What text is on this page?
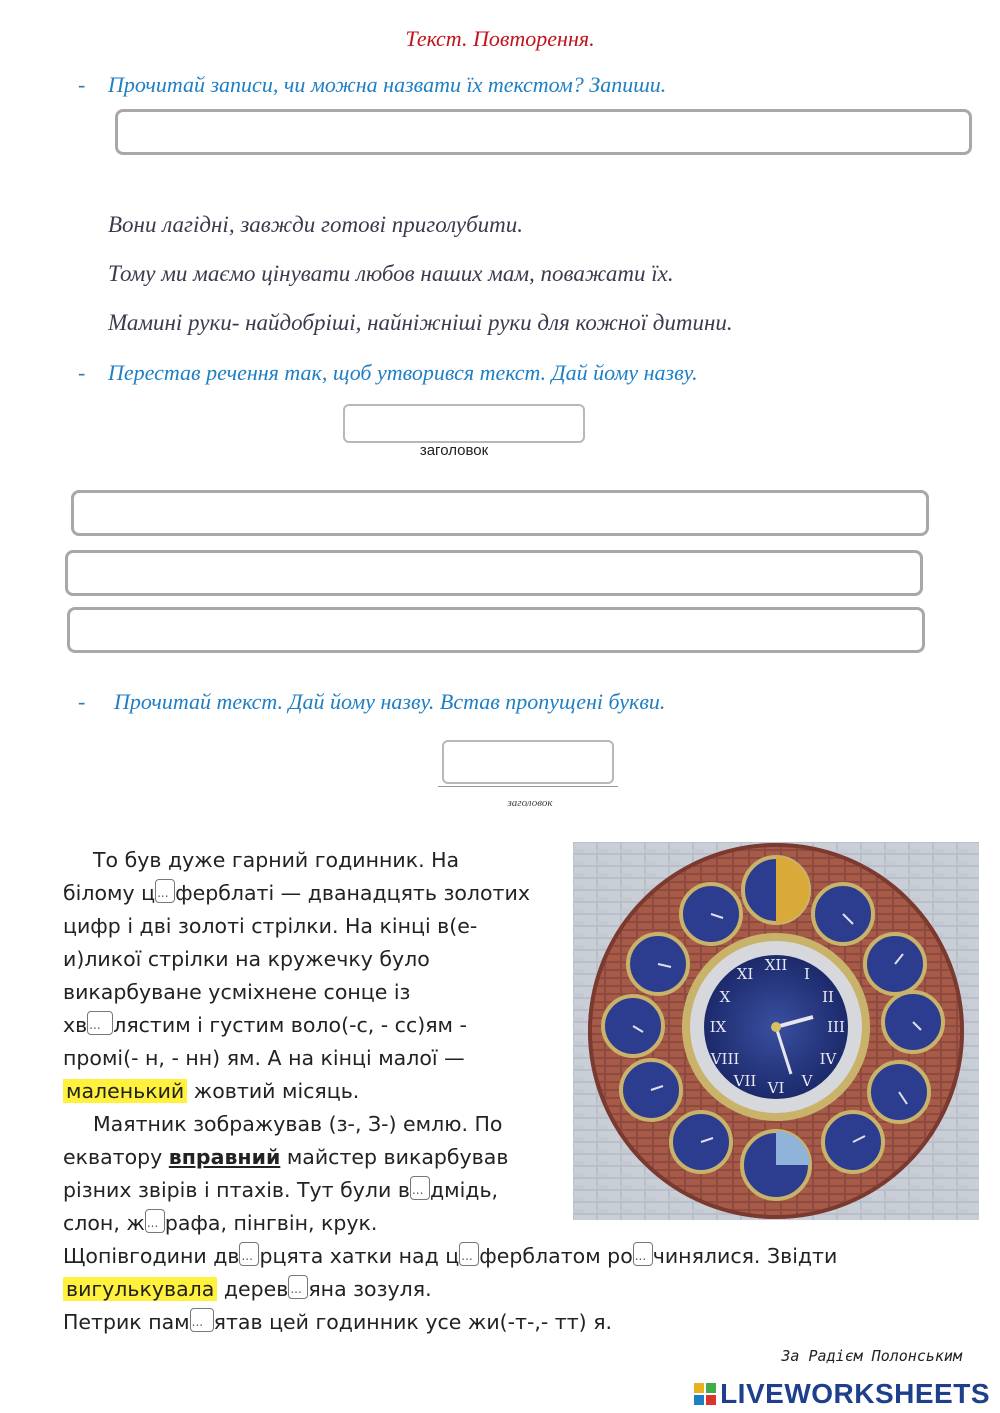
Текст. Повторення.
- Прочитай записи, чи можна назвати їх текстом? Запиши.
Вони лагідні, завжди готові приголубити.
Тому ми маємо цінувати любов наших мам, поважати їх.
Мамині руки- найдобріші, найніжніші руки для кожної дитини.
- Перестав речення так, щоб утворився текст. Дай йому назву.
заголовок
- Прочитай текст. Дай йому назву. Встав пропущені букви.
заголовок
То був дуже гарний годинник. На
білому ц ... ферблаті — дванадцять золотих
цифр і дві золоті стрілки. На кінці в(е-
и)ликої стрілки на кружечку було
викарбуване усміхнене сонце із
хв ... лястим і густим воло(-с, - сс)ям -
промі(- н, - нн) ям. А на кінці малої —
маленький жовтий місяць.
Маятник зображував (з-, З-) емлю. По
екватору вправний майстер викарбував
різних звірів і птахів. Тут були в ... дмідь,
слон, ж ... рафа, пінгвін, крук.
Щопівгодини дв ... рцята хатки над ц ... ферблатом ро ... чинялися. Звідти
вигулькувала дерев ... яна зозуля.
Петрик пам ... ятав цей годинник усе жи(-т-,- тт) я.
XII
III
VI
IX
I
II
IV
V
VII
VIII
X
XI
За Радієм Полонським
LIVEWORKSHEETS
